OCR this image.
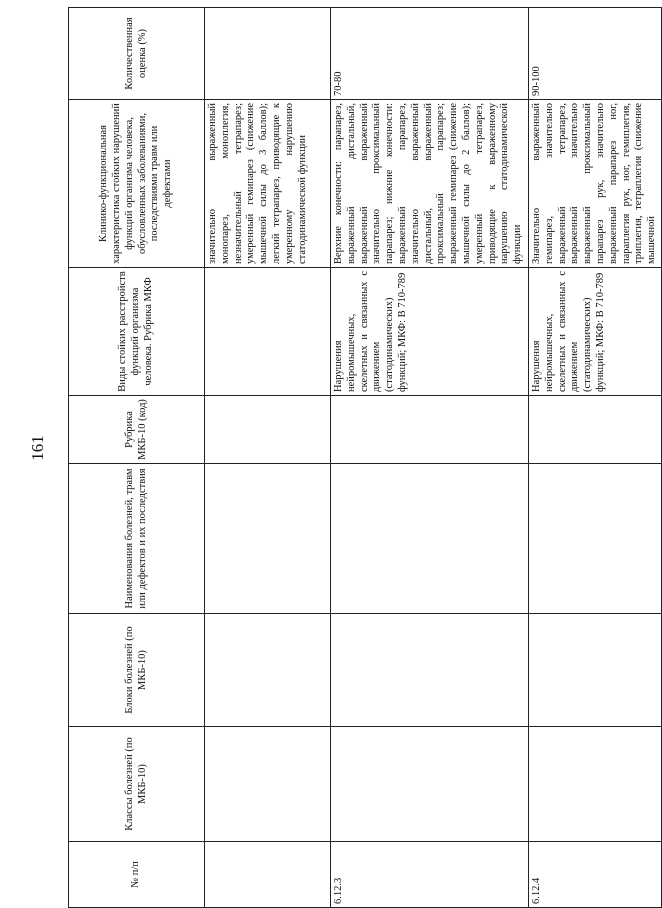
161
№ п/п	Классы болезней (по МКБ-10)	Блоки болезней (по МКБ-10)	Наименования болезней, травм или дефектов и их последствия	Рубрика МКБ-10 (код)	Виды стойких расстройств функций организма человека. Рубрика МКФ	Клинико-функциональная характеристика стойких нарушений функций организма человека, обусловленных заболеваниями, последствиями травм или дефектами	Количественная оценка (%)
						значительно выраженный монопарез, моноплегия, незначительный тетрапарез; умеренный гемипарез (снижение мышечной силы до 3 баллов); легкий тетрапарез, приводящие к умеренному нарушению статодинамической функции	
6.12.3					Нарушения нейромышечных, скелетных и связанных с движением (статодинамических) функций; МКФ: В 710-789	Верхние конечности: парапарез, выраженный дистальный, выраженный выраженный значительно проксимальный парапарез; нижние конечности: выраженный парапарез, значительно выраженный дистальный, выраженный проксимальный парапарез; выраженный гемипарез (снижение мышечной силы до 2 баллов); умеренный тетрапарез, приводящие к выраженному нарушению статодинамической функции	70-80
6.12.4					Нарушения нейромышечных, скелетных и связанных с движением (статодинамических) функций; МКФ: В 710-789	Значительно выраженный гемипарез, значительно выраженный тетрапарез, выраженный значительно выраженный проксимальный парапарез рук, значительно выраженный парапарез ног, параплегия рук, ног, гемиплегия, триплегия, тетраплегия (снижение мышечной	90-100
